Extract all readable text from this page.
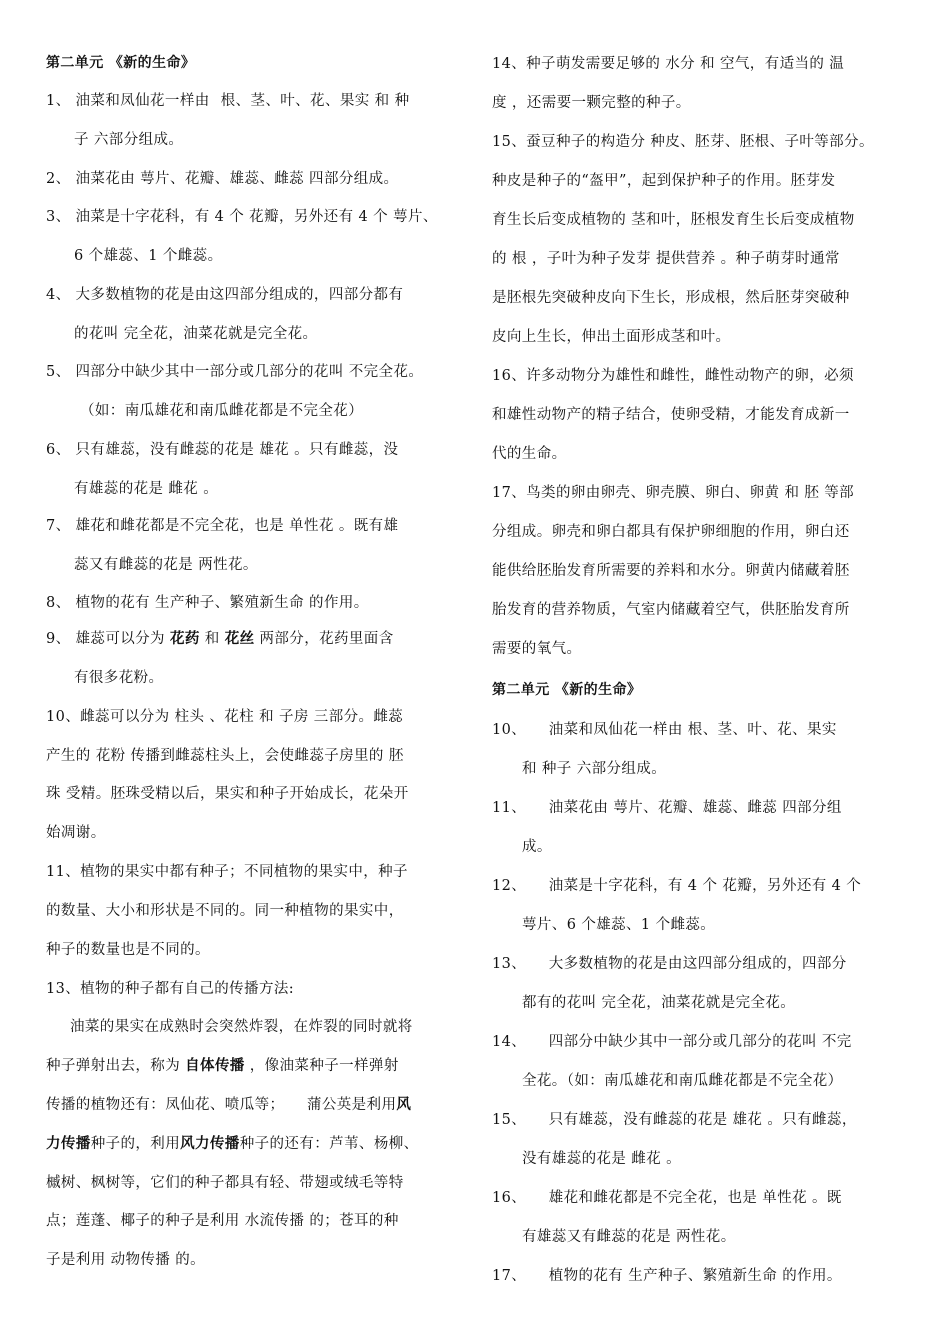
第二单元 《新的生命》
1、 油菜和凤仙花一样由 根、茎、叶、花、果实 和 种
子 六部分组成。
2、 油菜花由 萼片、花瓣、雄蕊、雌蕊 四部分组成。
3、 油菜是十字花科，有 4 个 花瓣，另外还有 4 个 萼片、
6 个雄蕊、1 个雌蕊。
4、 大多数植物的花是由这四部分组成的，四部分都有
的花叫 完全花，油菜花就是完全花。
5、 四部分中缺少其中一部分或几部分的花叫 不完全花。
（如：南瓜雄花和南瓜雌花都是不完全花）
6、 只有雄蕊，没有雌蕊的花是 雄花 。只有雌蕊，没
有雄蕊的花是 雌花 。
7、 雄花和雌花都是不完全花，也是 单性花 。既有雄
蕊又有雌蕊的花是 两性花。
8、 植物的花有 生产种子、繁殖新生命 的作用。
9、 雄蕊可以分为 花药 和 花丝 两部分，花药里面含
有很多花粉。
10、雌蕊可以分为 柱头 、花柱 和 子房 三部分。雌蕊
产生的 花粉 传播到雌蕊柱头上，会使雌蕊子房里的 胚
珠 受精。胚珠受精以后，果实和种子开始成长，花朵开
始凋谢。
11、植物的果实中都有种子；不同植物的果实中，种子
的数量、大小和形状是不同的。同一种植物的果实中，
种子的数量也是不同的。
13、植物的种子都有自己的传播方法:
油菜的果实在成熟时会突然炸裂，在炸裂的同时就将
种子弹射出去，称为 自体传播 ，像油菜种子一样弹射
传播的植物还有：凤仙花、喷瓜等；　　蒲公英是利用风
力传播种子的，利用风力传播种子的还有：芦苇、杨柳、
槭树、枫树等，它们的种子都具有轻、带翅或绒毛等特
点；莲蓬、椰子的种子是利用 水流传播 的；苍耳的种
子是利用 动物传播 的。
14、种子萌发需要足够的 水分 和 空气，有适当的 温
度 ，还需要一颗完整的种子。
15、蚕豆种子的构造分 种皮、胚芽、胚根、子叶等部分。
种皮是种子的“盔甲”，起到保护种子的作用。胚芽发
育生长后变成植物的 茎和叶，胚根发育生长后变成植物
的 根 ，子叶为种子发芽 提供营养 。种子萌芽时通常
是胚根先突破种皮向下生长，形成根，然后胚芽突破种
皮向上生长，伸出土面形成茎和叶。
16、许多动物分为雄性和雌性，雌性动物产的卵，必须
和雄性动物产的精子结合，使卵受精，才能发育成新一
代的生命。
17、鸟类的卵由卵壳、卵壳膜、卵白、卵黄 和 胚 等部
分组成。卵壳和卵白都具有保护卵细胞的作用，卵白还
能供给胚胎发育所需要的养料和水分。卵黄内储藏着胚
胎发育的营养物质，气室内储藏着空气，供胚胎发育所
需要的氧气。
第二单元 《新的生命》
10、　　油菜和凤仙花一样由 根、茎、叶、花、果实
和 种子 六部分组成。
11、　　油菜花由 萼片、花瓣、雄蕊、雌蕊 四部分组
成。
12、　　油菜是十字花科，有 4 个 花瓣，另外还有 4 个
萼片、6 个雄蕊、1 个雌蕊。
13、　　大多数植物的花是由这四部分组成的，四部分
都有的花叫 完全花，油菜花就是完全花。
14、　　四部分中缺少其中一部分或几部分的花叫 不完
全花。（如：南瓜雄花和南瓜雌花都是不完全花）
15、　　只有雄蕊，没有雌蕊的花是 雄花 。只有雌蕊，
没有雄蕊的花是 雌花 。
16、　　雄花和雌花都是不完全花，也是 单性花 。既
有雄蕊又有雌蕊的花是 两性花。
17、　　植物的花有 生产种子、繁殖新生命 的作用。
